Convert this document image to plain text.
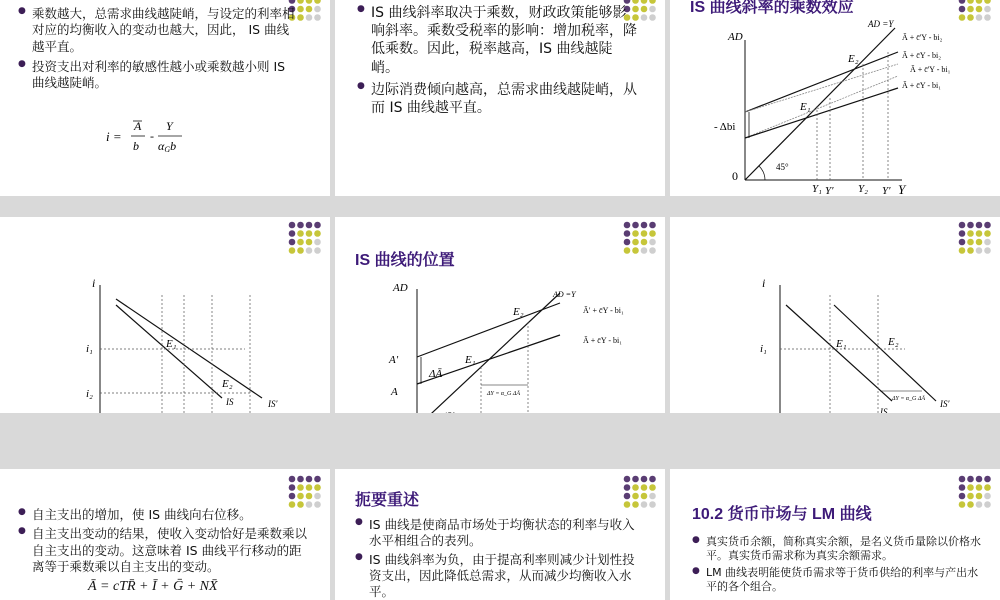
● 乘数越大，总需求曲线越陡峭，与设定的利率相对应的均衡收入的变动也越大，因此， IS 曲线越平直。
● 投资支出对利率的敏感性越小或乘数越小则 IS 曲线越陡峭。
i =
A
b
-
Y
αGb
● IS 曲线斜率取决于乘数，财政政策能够影响斜率。乘数受税率的影响：增加税率，降低乘数。因此，税率越高，IS 曲线越陡峭。
● 边际消费倾向越高，总需求曲线越陡峭，从而 IS 曲线越平直。
IS 曲线斜率的乘数效应
AD
0
Y
45°
AD =Y
Ā + c̄'Y - bi₂
Ā + c̄Y - bi₂
Ā + c̄'Y - bi₁
Ā + c̄Y - bi₁
- Δbi
E₁
E₂
Y₁ Y′ Y₂ Y′
i
i₁
i₂
E₁
E₂
IS	IS′
Y₁ Y₁′ Y₂	Y₂′
IS 曲线的位置
AD
0
Y
45°
AD =Y
Ā′ + c̄Y - bi₁
Ā + c̄Y - bi₁
A′
A
ΔĀ
E₁
E₂
ΔY = α_G ΔĀ
Y₁	Y₂
i
i₁	E₁	E₂
ΔY = α_G ΔĀ
IS
IS′
Y₁	Y₂
● 自主支出的增加，使 IS 曲线向右位移。
● 自主支出变动的结果，使收入变动恰好是乘数乘以自主支出的变动。这意味着 IS 曲线平行移动的距离等于乘数乘以自主支出的变动。
Ā = cTR̄ + Ī + Ḡ + NX̄
扼要重述
● IS 曲线是使商品市场处于均衡状态的利率与收入水平相组合的表列。
● IS 曲线斜率为负，由于提高利率则减少计划性投资支出，因此降低总需求，从而减少均衡收入水平。
10.2 货币市场与 LM 曲线
● 真实货币余额，简称真实余额，是名义货币量除以价格水平。真实货币需求称为真实余额需求。
● LM 曲线表明能使货币需求等于货币供给的利率与产出水平的各个组合。
